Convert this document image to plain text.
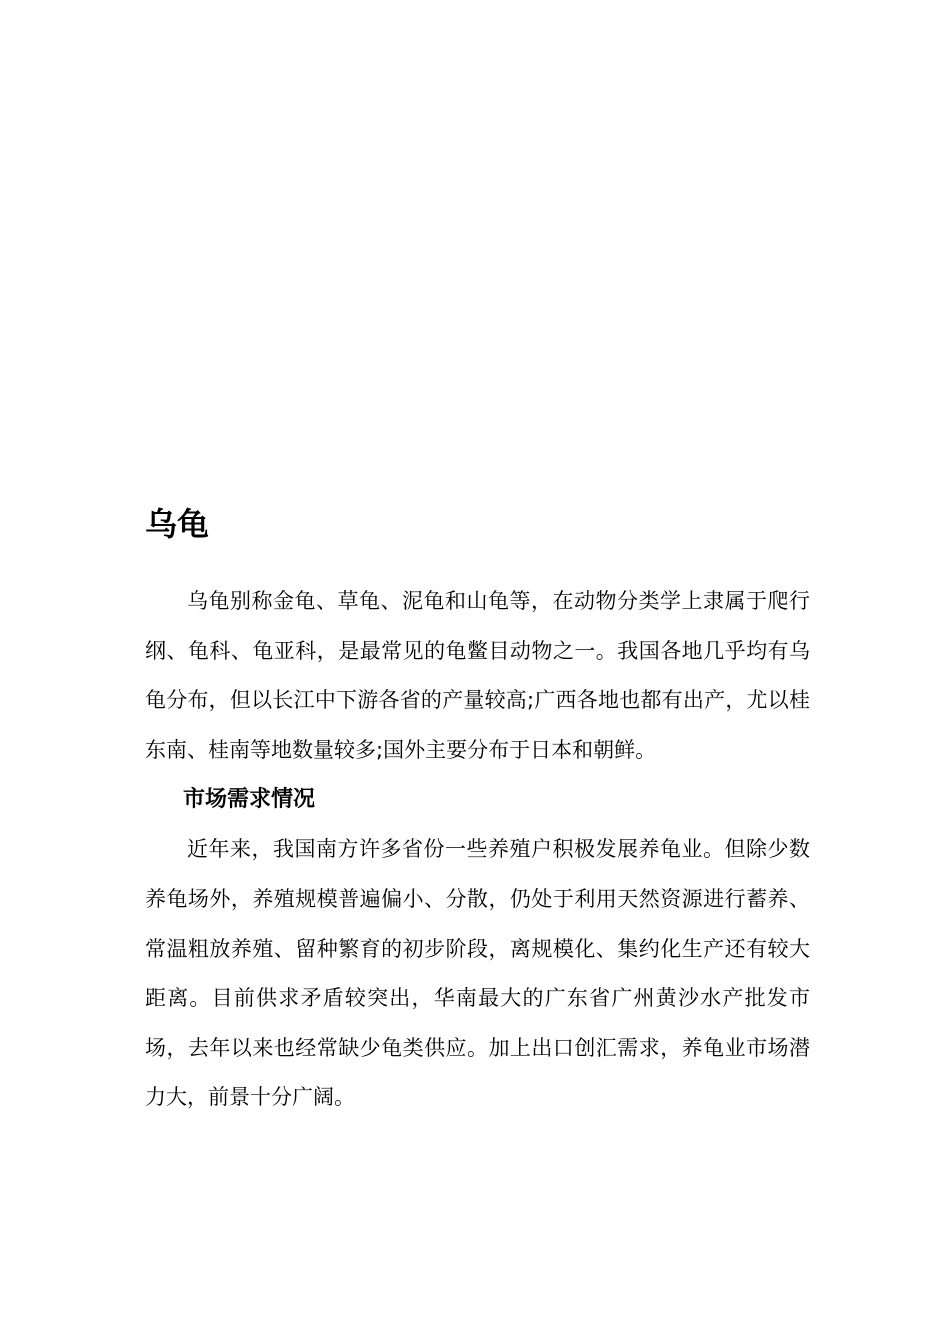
乌龟

乌龟别称金龟、草龟、泥龟和山龟等，在动物分类学上隶属于爬行纲、龟科、龟亚科，是最常见的龟鳖目动物之一。我国各地几乎均有乌龟分布，但以长江中下游各省的产量较高;广西各地也都有出产，尤以桂东南、桂南等地数量较多;国外主要分布于日本和朝鲜。

市场需求情况

近年来，我国南方许多省份一些养殖户积极发展养龟业。但除少数养龟场外，养殖规模普遍偏小、分散，仍处于利用天然资源进行蓄养、常温粗放养殖、留种繁育的初步阶段，离规模化、集约化生产还有较大距离。目前供求矛盾较突出，华南最大的广东省广州黄沙水产批发市场，去年以来也经常缺少龟类供应。加上出口创汇需求，养龟业市场潜力大，前景十分广阔。
